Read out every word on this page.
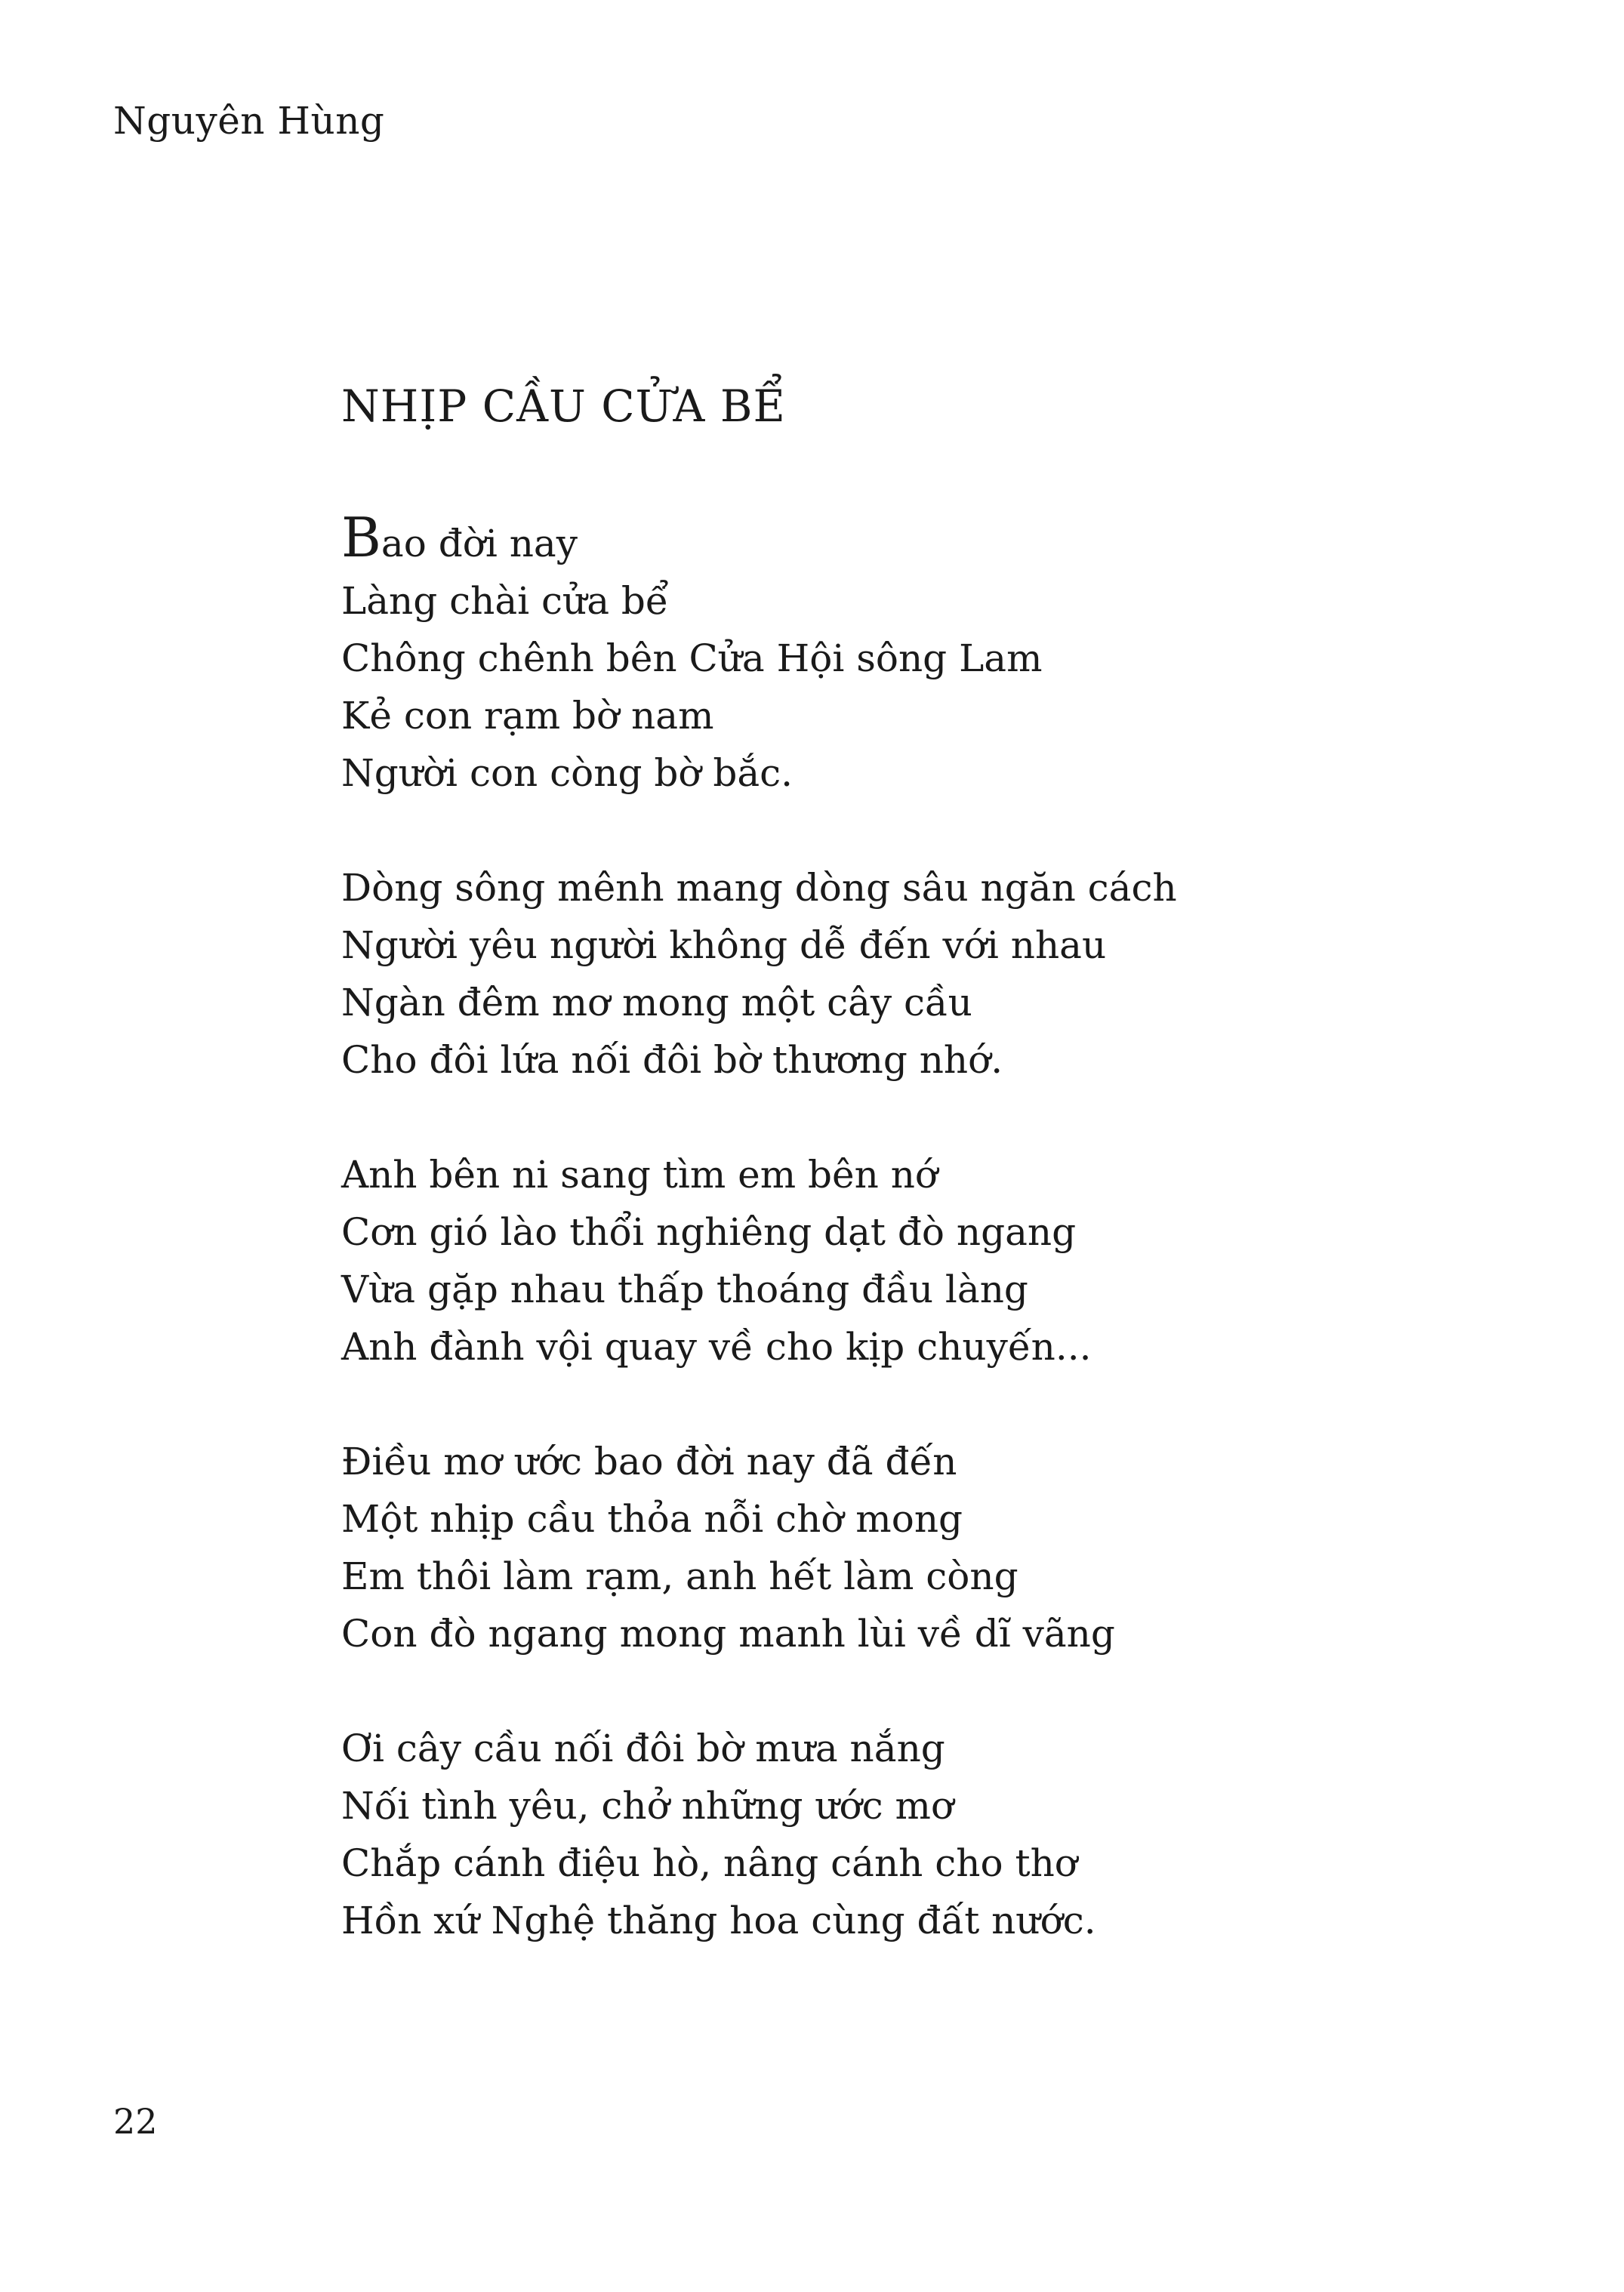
Nguyên Hùng
NHỊP CẦU CỬA BỂ
Bao đời nay
Làng chài cửa bể
Chông chênh bên Cửa Hội sông Lam
Kẻ con rạm bờ nam
Người con còng bờ bắc.
Dòng sông mênh mang dòng sâu ngăn cách
Người yêu người không dễ đến với nhau
Ngàn đêm mơ mong một cây cầu
Cho đôi lứa nối đôi bờ thương nhớ.
Anh bên ni sang tìm em bên nớ
Cơn gió lào thổi nghiêng dạt đò ngang
Vừa gặp nhau thấp thoáng đầu làng
Anh đành vội quay về cho kịp chuyến...
Điều mơ ước bao đời nay đã đến
Một nhịp cầu thỏa nỗi chờ mong
Em thôi làm rạm, anh hết làm còng
Con đò ngang mong manh lùi về dĩ vãng
Ơi cây cầu nối đôi bờ mưa nắng
Nối tình yêu, chở những ước mơ
Chắp cánh điệu hò, nâng cánh cho thơ
Hồn xứ Nghệ thăng hoa cùng đất nước.
22
